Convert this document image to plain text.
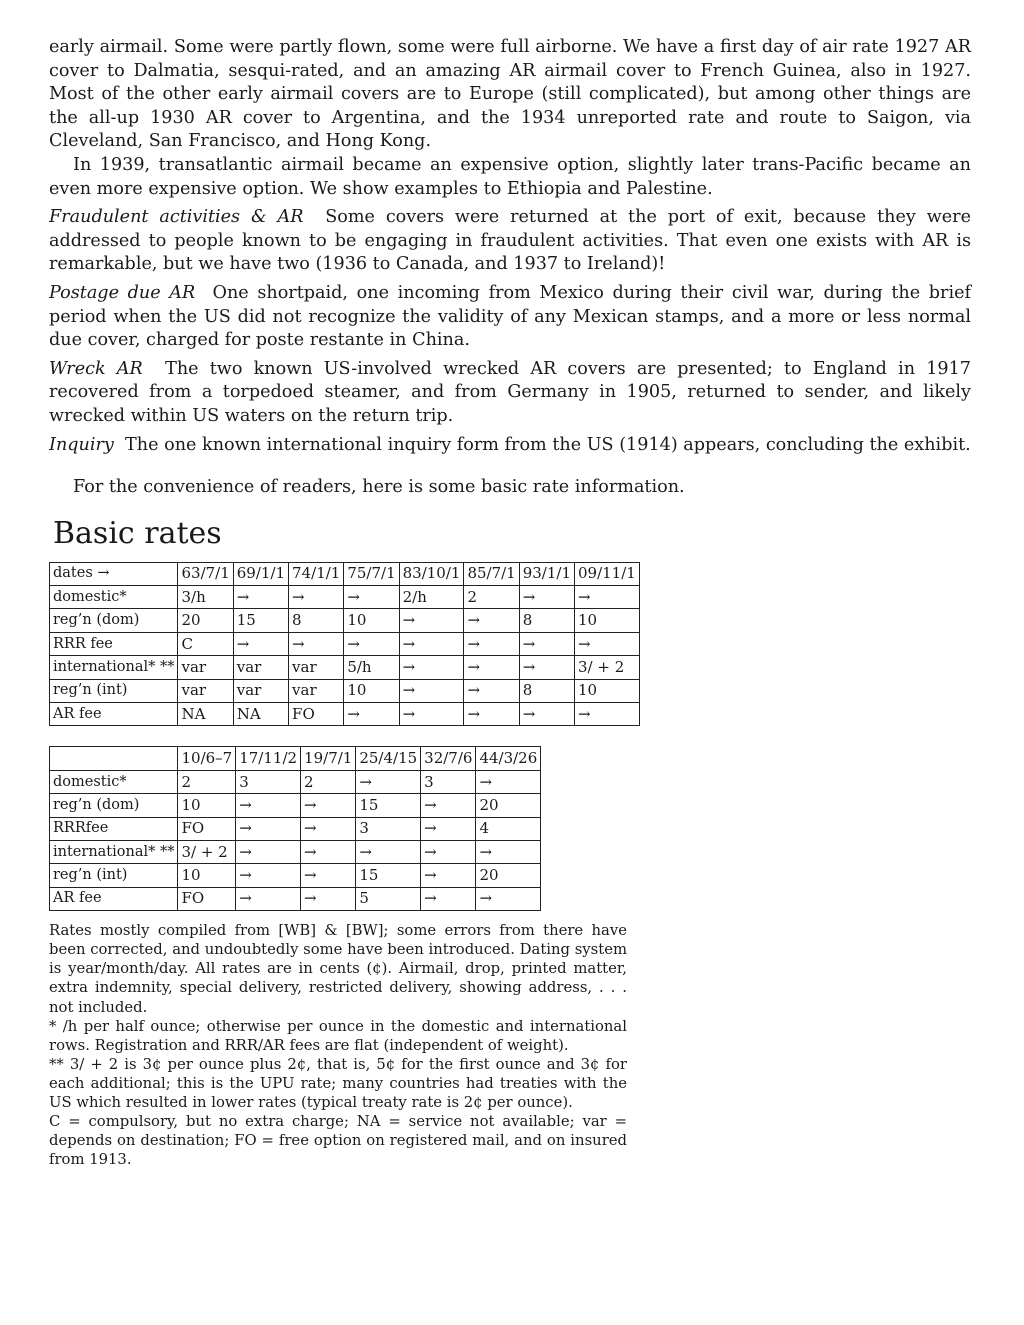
early airmail. Some were partly flown, some were full airborne. We have a first day of air rate 1927 AR cover to Dalmatia, sesqui-rated, and an amazing AR airmail cover to French Guinea, also in 1927. Most of the other early airmail covers are to Europe (still complicated), but among other things are the all-up 1930 AR cover to Argentina, and the 1934 unreported rate and route to Saigon, via Cleveland, San Francisco, and Hong Kong.

In 1939, transatlantic airmail became an expensive option, slightly later trans-Pacific became an even more expensive option. We show examples to Ethiopia and Palestine.

Fraudulent activities & AR Some covers were returned at the port of exit, because they were addressed to people known to be engaging in fraudulent activities. That even one exists with AR is remarkable, but we have two (1936 to Canada, and 1937 to Ireland)!

Postage due AR One shortpaid, one incoming from Mexico during their civil war, during the brief period when the US did not recognize the validity of any Mexican stamps, and a more or less normal due cover, charged for poste restante in China.

Wreck AR The two known US-involved wrecked AR covers are presented; to England in 1917 recovered from a torpedoed steamer, and from Germany in 1905, returned to sender, and likely wrecked within US waters on the return trip.

Inquiry The one known international inquiry form from the US (1914) appears, concluding the exhibit.

For the convenience of readers, here is some basic rate information.

Basic rates
dates →	63/7/1	69/1/1	74/1/1	75/7/1	83/10/1	85/7/1	93/1/1	09/11/1
domestic*	3/h	→	→	→	2/h	2	→	→
reg’n (dom)	20	15	8	10	→	→	8	10
RRR fee	C	→	→	→	→	→	→	→
international* **	var	var	var	5/h	→	→	→	3/ + 2
reg’n (int)	var	var	var	10	→	→	8	10
AR fee	NA	NA	FO	→	→	→	→	→
	10/6–7	17/11/2	19/7/1	25/4/15	32/7/6	44/3/26
domestic*	2	3	2	→	3	→
reg’n (dom)	10	→	→	15	→	20
RRRfee	FO	→	→	3	→	4
international* **	3/ + 2	→	→	→	→	→
reg’n (int)	10	→	→	15	→	20
AR fee	FO	→	→	5	→	→

Rates mostly compiled from [WB] & [BW]; some errors from there have been corrected, and undoubtedly some have been introduced. Dating system is year/month/day. All rates are in cents (¢). Airmail, drop, printed matter, extra indemnity, special delivery, restricted delivery, showing address, . . . not included.

* /h per half ounce; otherwise per ounce in the domestic and international rows. Registration and RRR/AR fees are flat (independent of weight).

** 3/ + 2 is 3¢ per ounce plus 2¢, that is, 5¢ for the first ounce and 3¢ for each additional; this is the UPU rate; many countries had treaties with the US which resulted in lower rates (typical treaty rate is 2¢ per ounce).

C = compulsory, but no extra charge; NA = service not available; var = depends on destination; FO = free option on registered mail, and on insured from 1913.
